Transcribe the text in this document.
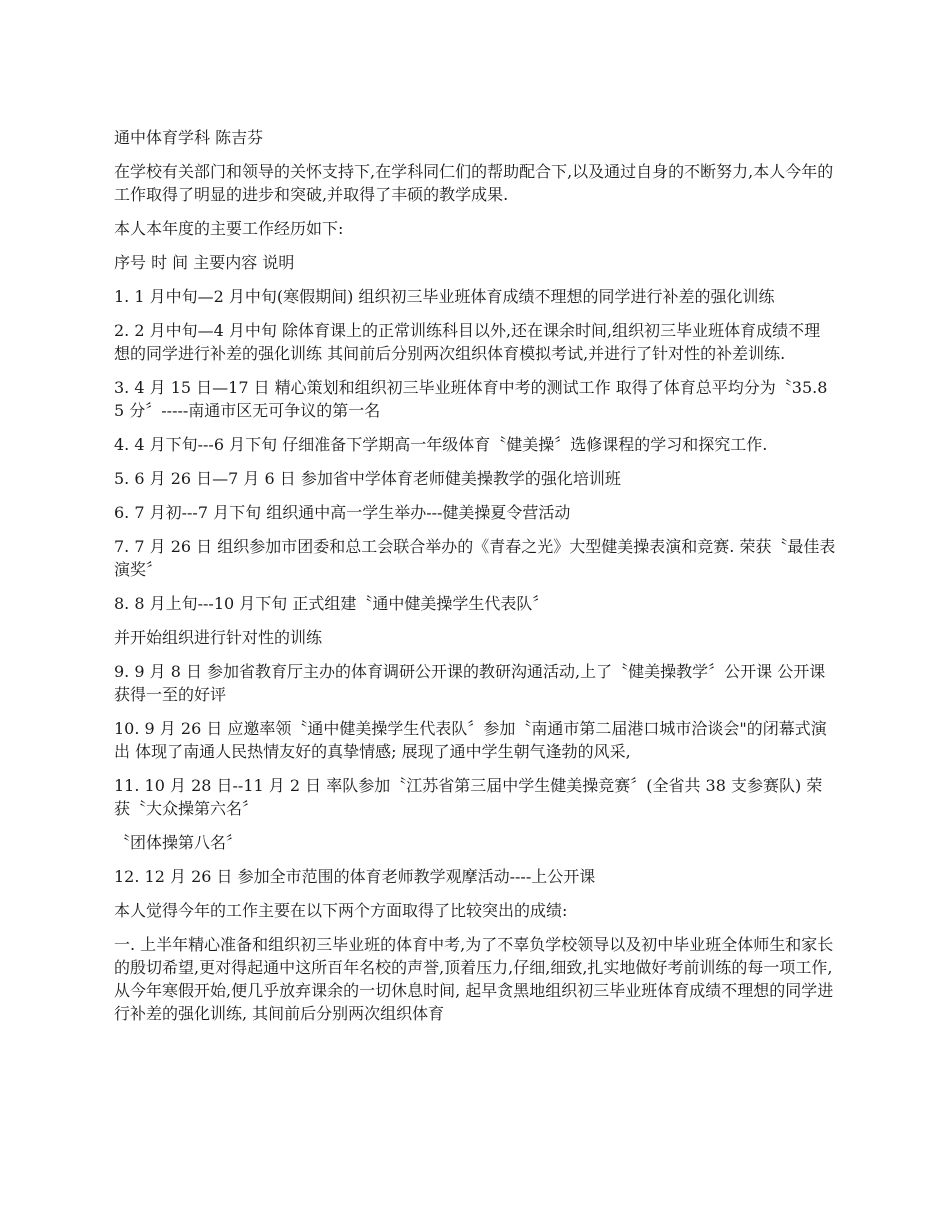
通中体育学科 陈吉芬

在学校有关部门和领导的关怀支持下,在学科同仁们的帮助配合下,以及通过自身的不断努力,本人今年的工作取得了明显的进步和突破,并取得了丰硕的教学成果.

本人本年度的主要工作经历如下:

序号 时 间 主要内容 说明

1. 1 月中旬—2 月中旬(寒假期间) 组织初三毕业班体育成绩不理想的同学进行补差的强化训练

2. 2 月中旬—4 月中旬 除体育课上的正常训练科目以外,还在课余时间,组织初三毕业班体育成绩不理想的同学进行补差的强化训练 其间前后分别两次组织体育模拟考试,并进行了针对性的补差训练.

3. 4 月 15 日—17 日 精心策划和组织初三毕业班体育中考的测试工作 取得了体育总平均分为〝35.85 分〞-----南通市区无可争议的第一名

4. 4 月下旬---6 月下旬 仔细准备下学期高一年级体育〝健美操〞选修课程的学习和探究工作.

5. 6 月 26 日—7 月 6 日 参加省中学体育老师健美操教学的强化培训班

6. 7 月初---7 月下旬 组织通中高一学生举办---健美操夏令营活动

7. 7 月 26 日 组织参加市团委和总工会联合举办的《青春之光》大型健美操表演和竞赛. 荣获〝最佳表演奖〞

8. 8 月上旬---10 月下旬 正式组建〝通中健美操学生代表队〞

并开始组织进行针对性的训练

9. 9 月 8 日 参加省教育厅主办的体育调研公开课的教研沟通活动,上了〝健美操教学〞公开课 公开课获得一至的好评

10. 9 月 26 日 应邀率领〝通中健美操学生代表队〞参加〝南通市第二届港口城市洽谈会"的闭幕式演出 体现了南通人民热情友好的真挚情感; 展现了通中学生朝气逢勃的风采,

11. 10 月 28 日--11 月 2 日 率队参加〝江苏省第三届中学生健美操竞赛〞(全省共 38 支参赛队) 荣获〝大众操第六名〞

〝团体操第八名〞

12. 12 月 26 日 参加全市范围的体育老师教学观摩活动----上公开课

本人觉得今年的工作主要在以下两个方面取得了比较突出的成绩:

一. 上半年精心准备和组织初三毕业班的体育中考,为了不辜负学校领导以及初中毕业班全体师生和家长的殷切希望,更对得起通中这所百年名校的声誉,顶着压力,仔细,细致,扎实地做好考前训练的每一项工作,从今年寒假开始,便几乎放弃课余的一切休息时间, 起早贪黑地组织初三毕业班体育成绩不理想的同学进行补差的强化训练, 其间前后分别两次组织体育
